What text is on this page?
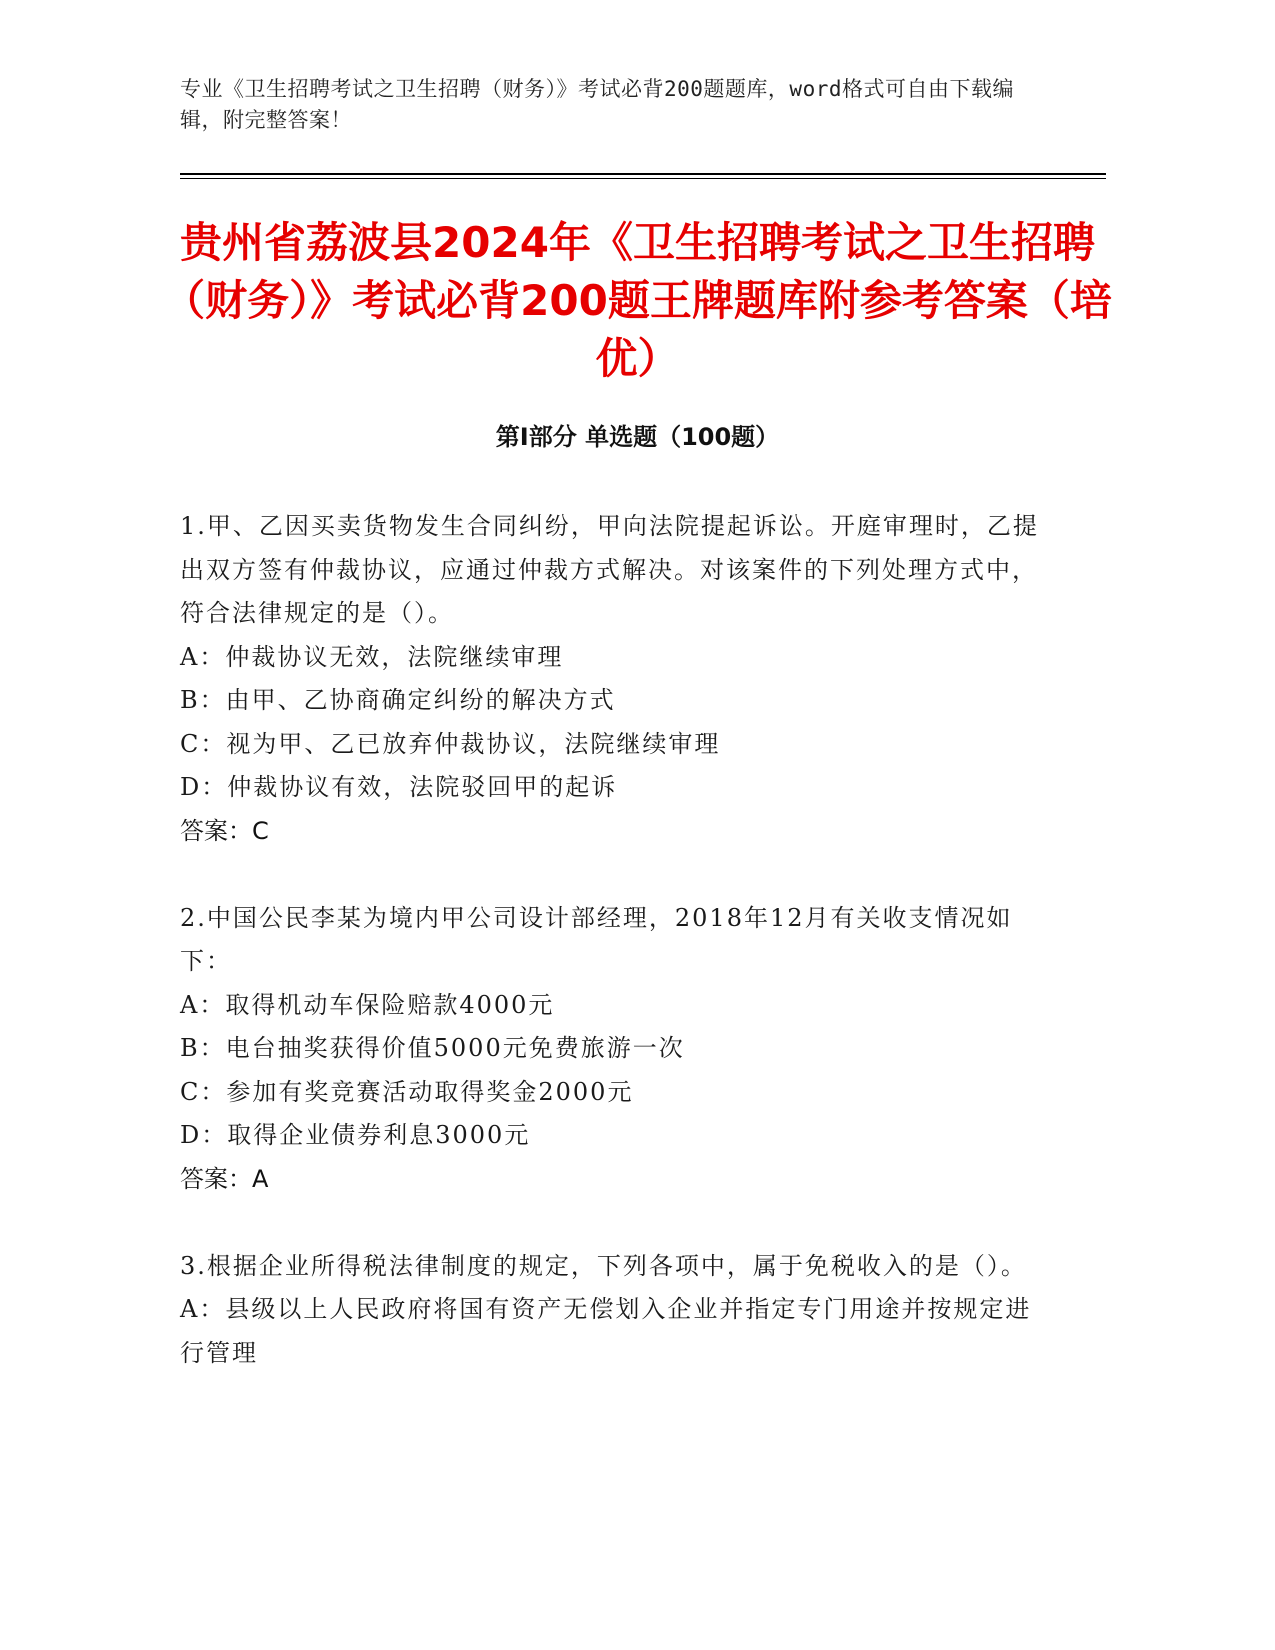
专业《卫生招聘考试之卫生招聘（财务）》考试必背200题题库，word格式可自由下载编辑，附完整答案！
贵州省荔波县2024年《卫生招聘考试之卫生招聘（财务）》考试必背200题王牌题库附参考答案（培优）
第Ⅰ部分 单选题（100题）
1.甲、乙因买卖货物发生合同纠纷，甲向法院提起诉讼。开庭审理时，乙提出双方签有仲裁协议，应通过仲裁方式解决。对该案件的下列处理方式中，符合法律规定的是（）。
A：仲裁协议无效，法院继续审理
B：由甲、乙协商确定纠纷的解决方式
C：视为甲、乙已放弃仲裁协议，法院继续审理
D：仲裁协议有效，法院驳回甲的起诉
答案：C
2.中国公民李某为境内甲公司设计部经理，2018年12月有关收支情况如下：
A：取得机动车保险赔款4000元
B：电台抽奖获得价值5000元免费旅游一次
C：参加有奖竞赛活动取得奖金2000元
D：取得企业债券利息3000元
答案：A
3.根据企业所得税法律制度的规定，下列各项中，属于免税收入的是（）。
A：县级以上人民政府将国有资产无偿划入企业并指定专门用途并按规定进行管理
